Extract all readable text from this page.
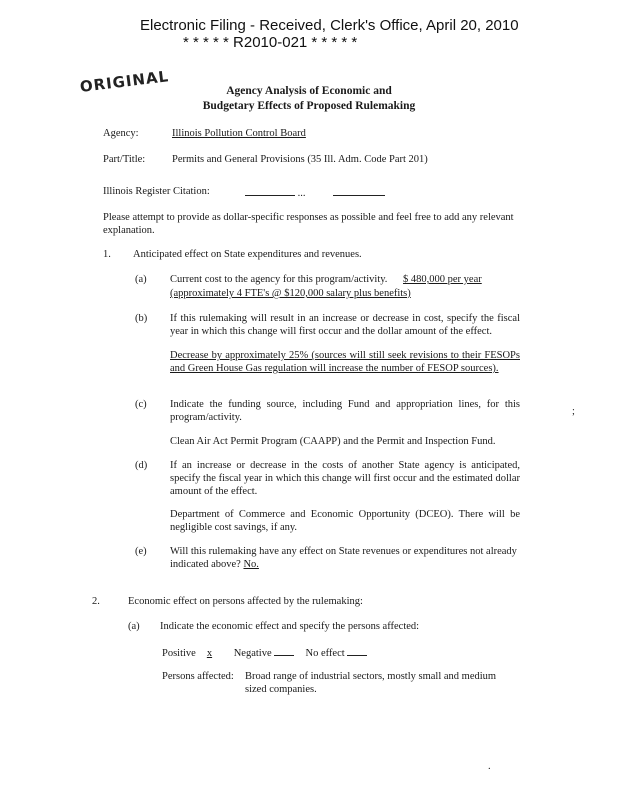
Electronic Filing - Received, Clerk's Office, April 20, 2010
* * * * * R2010-021 * * * * *
ORIGINAL	Agency Analysis of Economic and
Budgetary Effects of Proposed Rulemaking
Agency:	Illinois Pollution Control Board
Part/Title:	Permits and General Provisions (35 Ill. Adm. Code Part 201)
Illinois Register Citation:	...
Please attempt to provide as dollar-specific responses as possible and feel free to add any relevant explanation.
1. Anticipated effect on State expenditures and revenues.
(a) Current cost to the agency for this program/activity. $ 480,000 per year
(approximately 4 FTE's @ $120,000 salary plus benefits)
(b) If this rulemaking will result in an increase or decrease in cost, specify the fiscal year in which this change will first occur and the dollar amount of the effect.
Decrease by approximately 25% (sources will still seek revisions to their FESOPs and Green House Gas regulation will increase the number of FESOP sources).
(c) Indicate the funding source, including Fund and appropriation lines, for this program/activity.
Clean Air Act Permit Program (CAAPP) and the Permit and Inspection Fund.
(d) If an increase or decrease in the costs of another State agency is anticipated, specify the fiscal year in which this change will first occur and the estimated dollar amount of the effect.
Department of Commerce and Economic Opportunity (DCEO). There will be negligible cost savings, if any.
(e) Will this rulemaking have any effect on State revenues or expenditures not already indicated above? No.
2.	Economic effect on persons affected by the rulemaking:
(a) Indicate the economic effect and specify the persons affected:
Positive x Negative	No effect
Persons affected: Broad range of industrial sectors, mostly small and medium sized companies.
;
.
